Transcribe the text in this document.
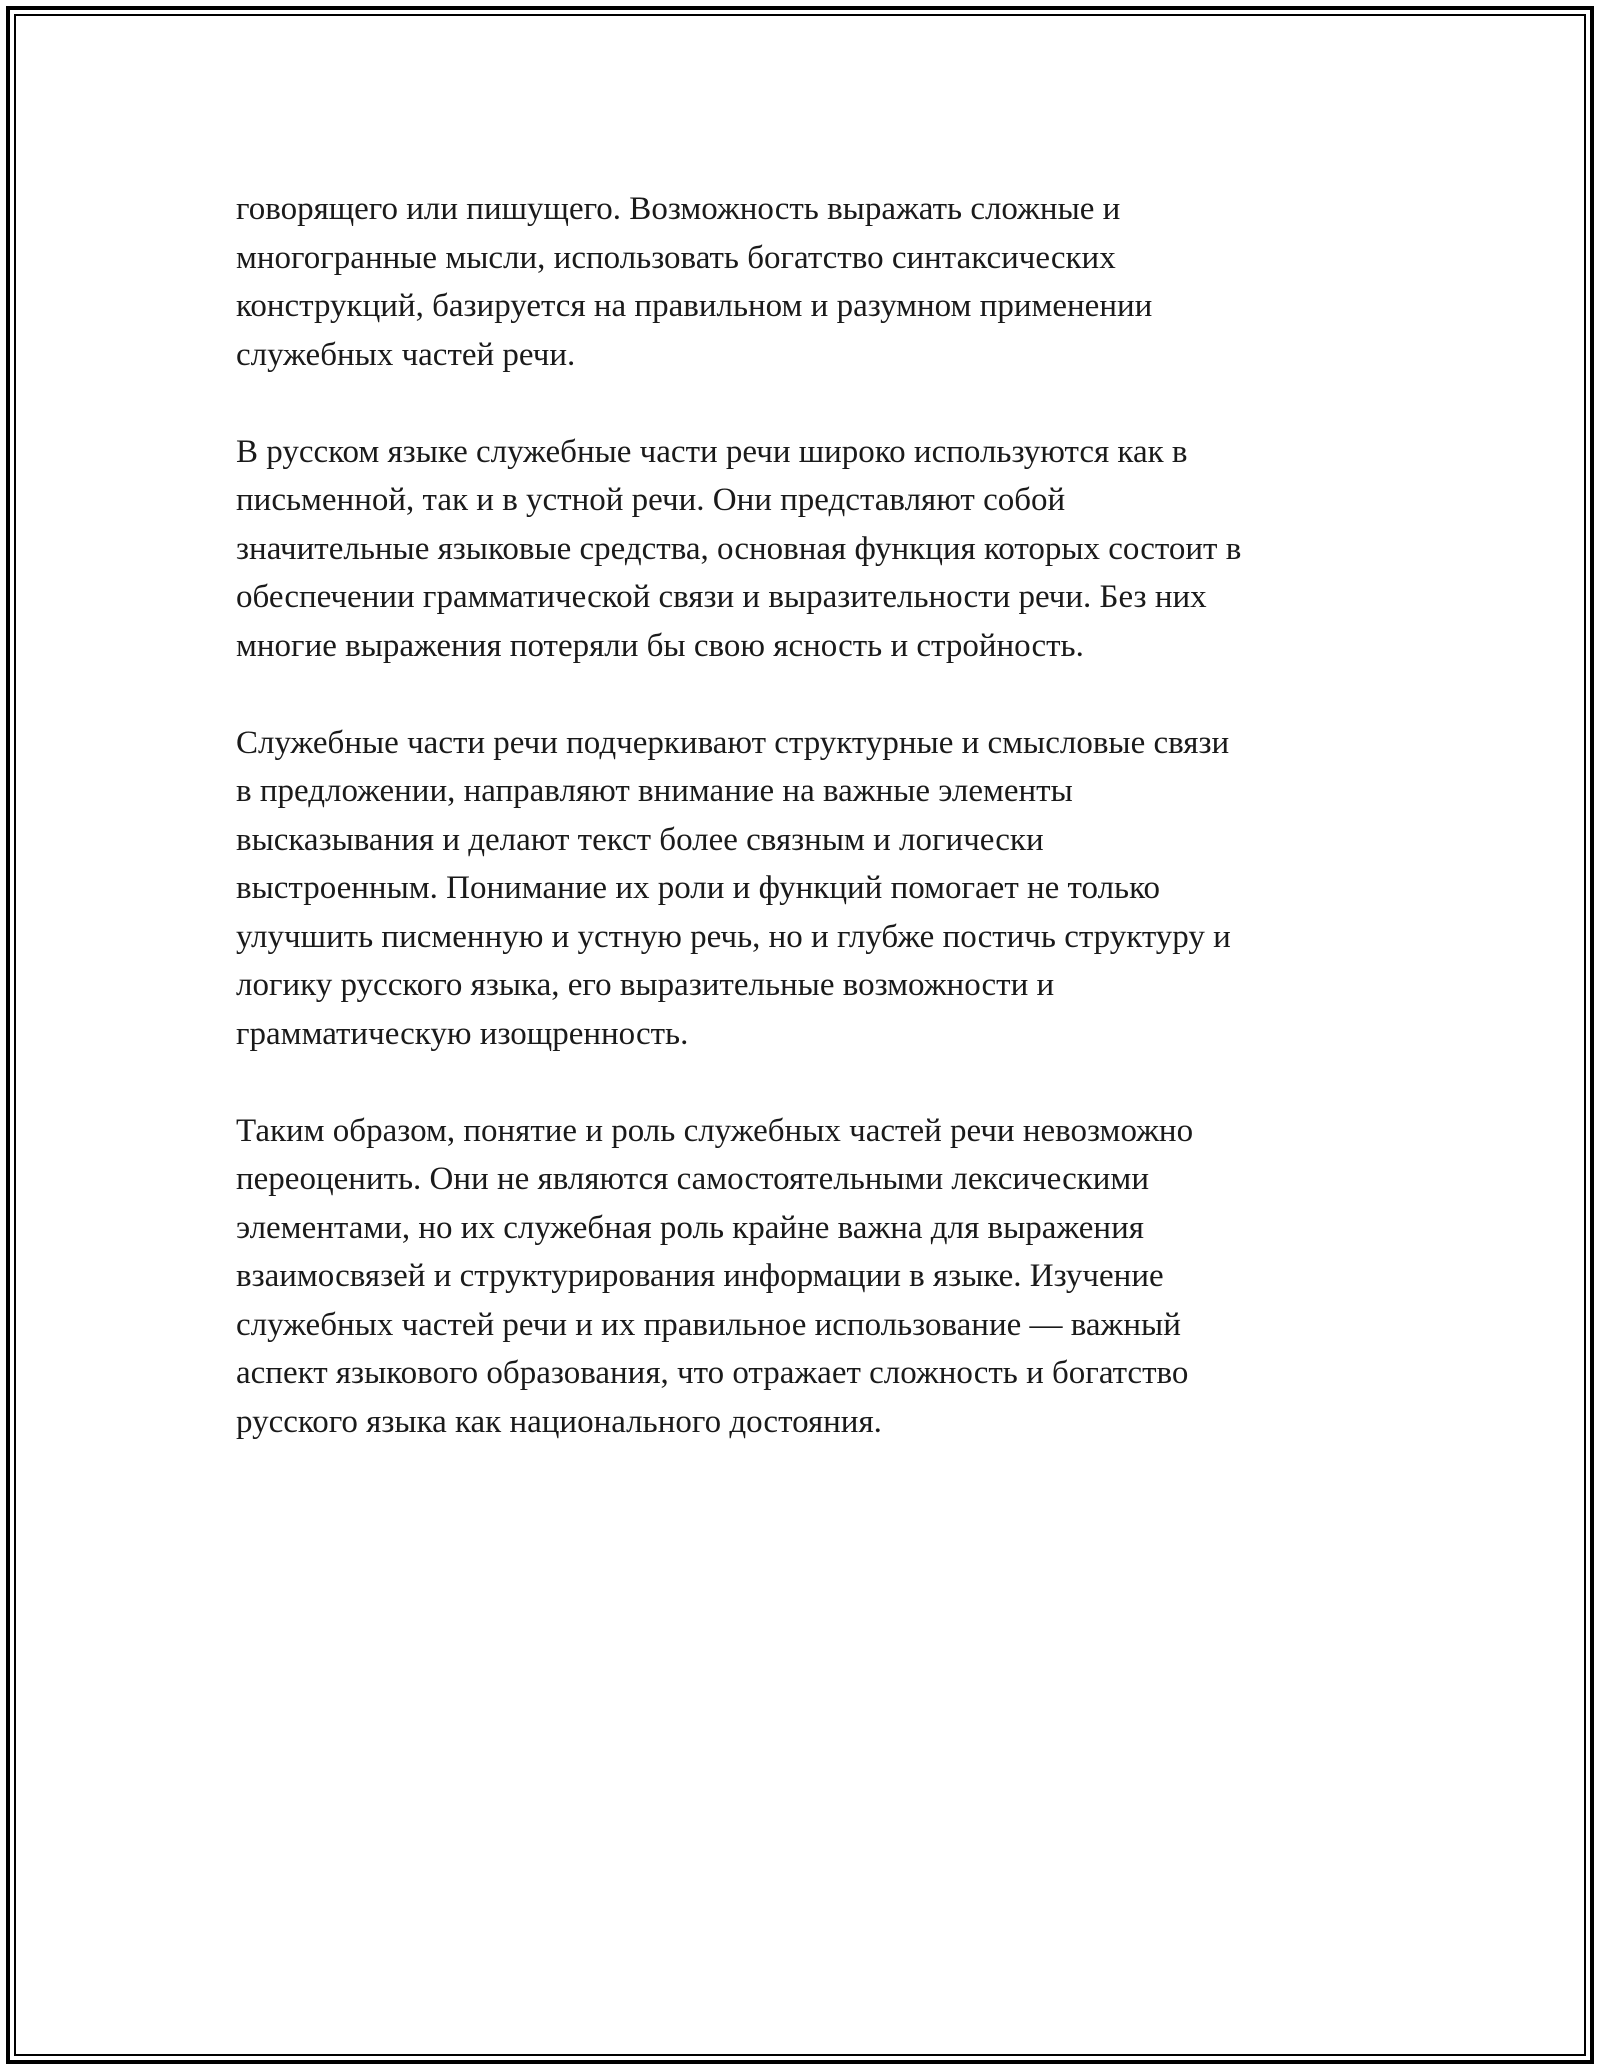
говорящего или пишущего. Возможность выражать сложные и
многогранные мысли, использовать богатство синтаксических
конструкций, базируется на правильном и разумном применении
служебных частей речи.

В русском языке служебные части речи широко используются как в
письменной, так и в устной речи. Они представляют собой
значительные языковые средства, основная функция которых состоит в
обеспечении грамматической связи и выразительности речи. Без них
многие выражения потеряли бы свою ясность и стройность.

Служебные части речи подчеркивают структурные и смысловые связи
в предложении, направляют внимание на важные элементы
высказывания и делают текст более связным и логически
выстроенным. Понимание их роли и функций помогает не только
улучшить писменную и устную речь, но и глубже постичь структуру и
логику русского языка, его выразительные возможности и
грамматическую изощренность.

Таким образом, понятие и роль служебных частей речи невозможно
переоценить. Они не являются самостоятельными лексическими
элементами, но их служебная роль крайне важна для выражения
взаимосвязей и структурирования информации в языке. Изучение
служебных частей речи и их правильное использование — важный
аспект языкового образования, что отражает сложность и богатство
русского языка как национального достояния.
